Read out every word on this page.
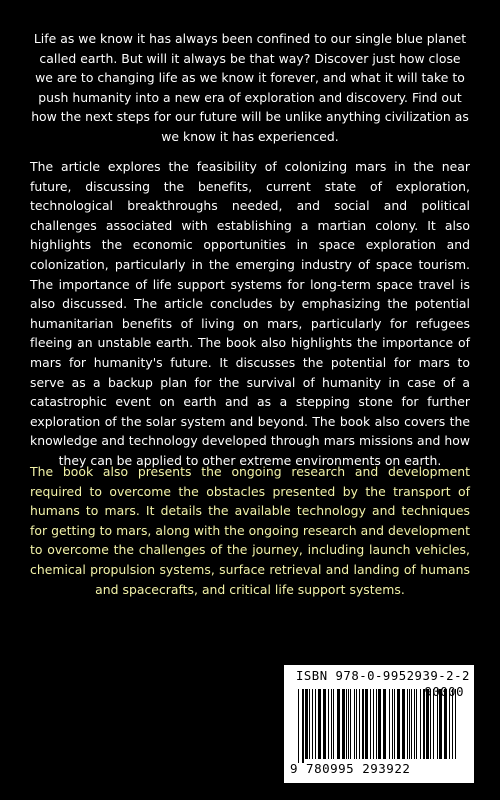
Life as we know it has always been confined to our single blue planet called earth. But will it always be that way? Discover just how close we are to changing life as we know it forever, and what it will take to push humanity into a new era of exploration and discovery. Find out how the next steps for our future will be unlike anything civilization as we know it has experienced.

The article explores the feasibility of colonizing mars in the near future, discussing the benefits, current state of exploration, technological breakthroughs needed, and social and political challenges associated with establishing a martian colony. It also highlights the economic opportunities in space exploration and colonization, particularly in the emerging industry of space tourism. The importance of life support systems for long-term space travel is also discussed. The article concludes by emphasizing the potential humanitarian benefits of living on mars, particularly for refugees fleeing an unstable earth. The book also highlights the importance of mars for humanity's future. It discusses the potential for mars to serve as a backup plan for the survival of humanity in case of a catastrophic event on earth and as a stepping stone for further exploration of the solar system and beyond. The book also covers the knowledge and technology developed through mars missions and how they can be applied to other extreme environments on earth.

The book also presents the ongoing research and development required to overcome the obstacles presented by the transport of humans to mars. It details the available technology and techniques for getting to mars, along with the ongoing research and development to overcome the challenges of the journey, including launch vehicles, chemical propulsion systems, surface retrieval and landing of humans and spacecrafts, and critical life support systems.

ISBN 978-0-9952939-2-2
90000
9 780995 293922
